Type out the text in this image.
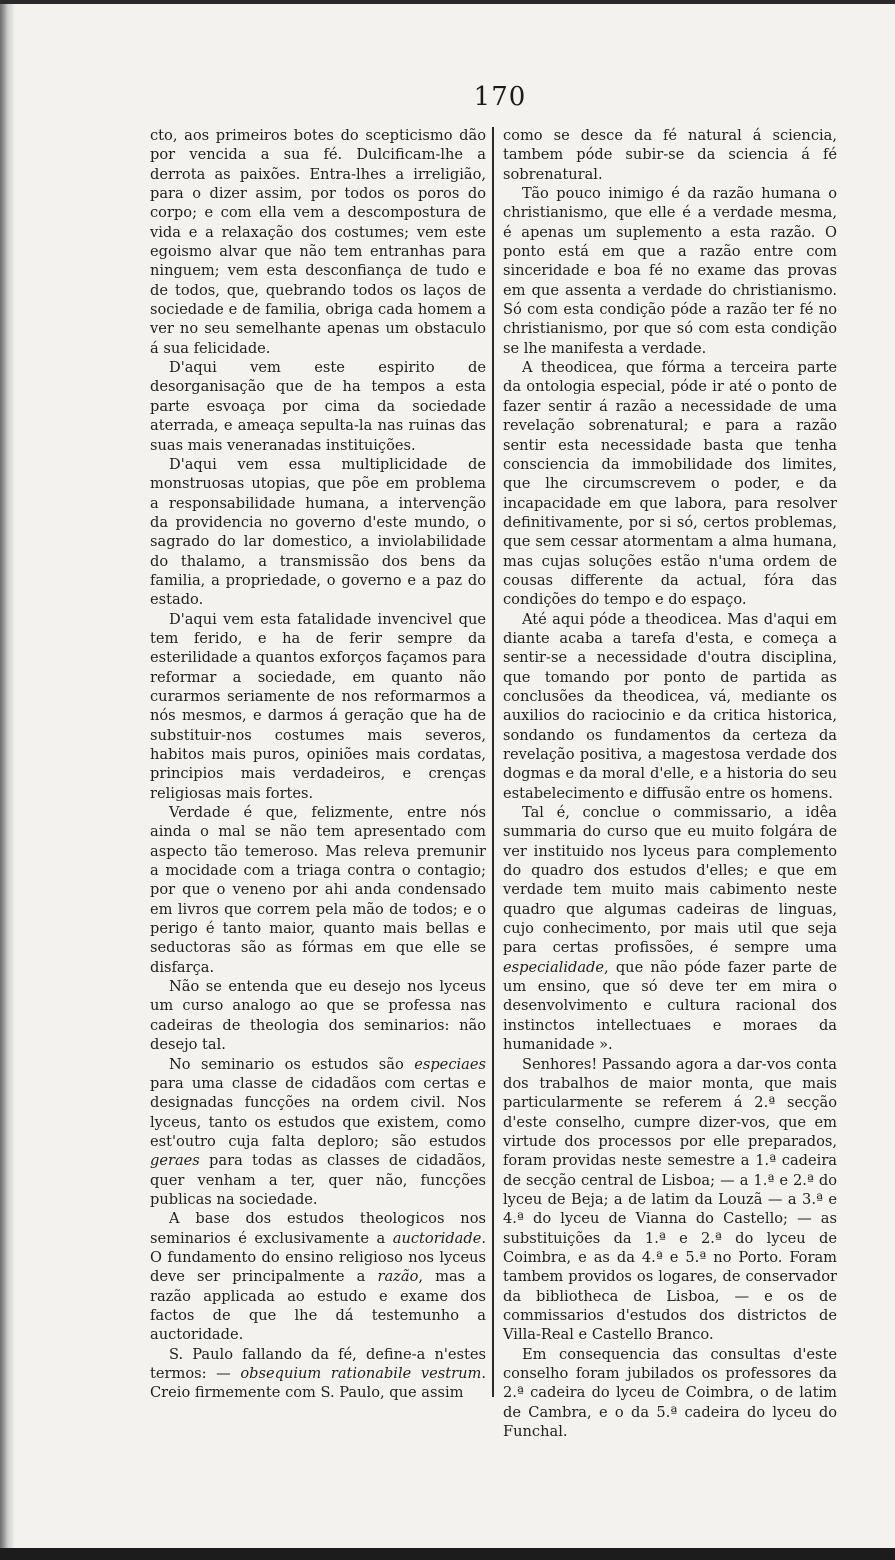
170

cto, aos primeiros botes do scepticismo dão por vencida a sua fé. Dulcificam-lhe a derrota as paixões. Entra-lhes a irreligião, para o dizer assim, por todos os poros do corpo; e com ella vem a descompostura de vida e a relaxação dos costumes; vem este egoismo alvar que não tem entranhas para ninguem; vem esta desconfiança de tudo e de todos, que, quebrando todos os laços de sociedade e de familia, obriga cada homem a ver no seu semelhante apenas um obstaculo á sua felicidade.

D'aqui vem este espirito de desorganisação que de ha tempos a esta parte esvoaça por cima da sociedade aterrada, e ameaça sepulta-la nas ruinas das suas mais veneranadas instituições.

D'aqui vem essa multiplicidade de monstruosas utopias, que põe em problema a responsabilidade humana, a intervenção da providencia no governo d'este mundo, o sagrado do lar domestico, a inviolabilidade do thalamo, a transmissão dos bens da familia, a propriedade, o governo e a paz do estado.

D'aqui vem esta fatalidade invencivel que tem ferido, e ha de ferir sempre da esterilidade a quantos exforços façamos para reformar a sociedade, em quanto não curarmos seriamente de nos reformarmos a nós mesmos, e darmos á geração que ha de substituir-nos costumes mais severos, habitos mais puros, opiniões mais cordatas, principios mais verdadeiros, e crenças religiosas mais fortes.

Verdade é que, felizmente, entre nós ainda o mal se não tem apresentado com aspecto tão temeroso. Mas releva premunir a mocidade com a triaga contra o contagio; por que o veneno por ahi anda condensado em livros que correm pela mão de todos; e o perigo é tanto maior, quanto mais bellas e seductoras são as fórmas em que elle se disfarça.

Não se entenda que eu desejo nos lyceus um curso analogo ao que se professa nas cadeiras de theologia dos seminarios: não desejo tal.

No seminario os estudos são especiaes para uma classe de cidadãos com certas e designadas funcções na ordem civil. Nos lyceus, tanto os estudos que existem, como est'outro cuja falta deploro; são estudos geraes para todas as classes de cidadãos, quer venham a ter, quer não, funcções publicas na sociedade.

A base dos estudos theologicos nos seminarios é exclusivamente a auctoridade. O fundamento do ensino religioso nos lyceus deve ser principalmente a razão, mas a razão applicada ao estudo e exame dos factos de que lhe dá testemunho a auctoridade.

S. Paulo fallando da fé, define-a n'estes termos: — obsequium rationabile vestrum. Creio firmemente com S. Paulo, que assim

como se desce da fé natural á sciencia, tambem póde subir-se da sciencia á fé sobrenatural.

Tão pouco inimigo é da razão humana o christianismo, que elle é a verdade mesma, é apenas um suplemento a esta razão. O ponto está em que a razão entre com sinceridade e boa fé no exame das provas em que assenta a verdade do christianismo. Só com esta condição póde a razão ter fé no christianismo, por que só com esta condição se lhe manifesta a verdade.

A theodicea, que fórma a terceira parte da ontologia especial, póde ir até o ponto de fazer sentir á razão a necessidade de uma revelação sobrenatural; e para a razão sentir esta necessidade basta que tenha consciencia da immobilidade dos limites, que lhe circumscrevem o poder, e da incapacidade em que labora, para resolver definitivamente, por si só, certos problemas, que sem cessar atormentam a alma humana, mas cujas soluções estão n'uma ordem de cousas differente da actual, fóra das condições do tempo e do espaço.

Até aqui póde a theodicea. Mas d'aqui em diante acaba a tarefa d'esta, e começa a sentir-se a necessidade d'outra disciplina, que tomando por ponto de partida as conclusões da theodicea, vá, mediante os auxilios do raciocinio e da critica historica, sondando os fundamentos da certeza da revelação positiva, a magestosa verdade dos dogmas e da moral d'elle, e a historia do seu estabelecimento e diffusão entre os homens.

Tal é, conclue o commissario, a idêa summaria do curso que eu muito folgára de ver instituido nos lyceus para complemento do quadro dos estudos d'elles; e que em verdade tem muito mais cabimento neste quadro que algumas cadeiras de linguas, cujo conhecimento, por mais util que seja para certas profissões, é sempre uma especialidade, que não póde fazer parte de um ensino, que só deve ter em mira o desenvolvimento e cultura racional dos instinctos intellectuaes e moraes da humanidade ».

Senhores! Passando agora a dar-vos conta dos trabalhos de maior monta, que mais particularmente se referem á 2.ª secção d'este conselho, cumpre dizer-vos, que em virtude dos processos por elle preparados, foram providas neste semestre a 1.ª cadeira de secção central de Lisboa; — a 1.ª e 2.ª do lyceu de Beja; a de latim da Louzã — a 3.ª e 4.ª do lyceu de Vianna do Castello; — as substituições da 1.ª e 2.ª do lyceu de Coimbra, e as da 4.ª e 5.ª no Porto. Foram tambem providos os logares, de conservador da bibliotheca de Lisboa, — e os de commissarios d'estudos dos districtos de Villa-Real e Castello Branco.

Em consequencia das consultas d'este conselho foram jubilados os professores da 2.ª cadeira do lyceu de Coimbra, o de latim de Cambra, e o da 5.ª cadeira do lyceu do Funchal.
